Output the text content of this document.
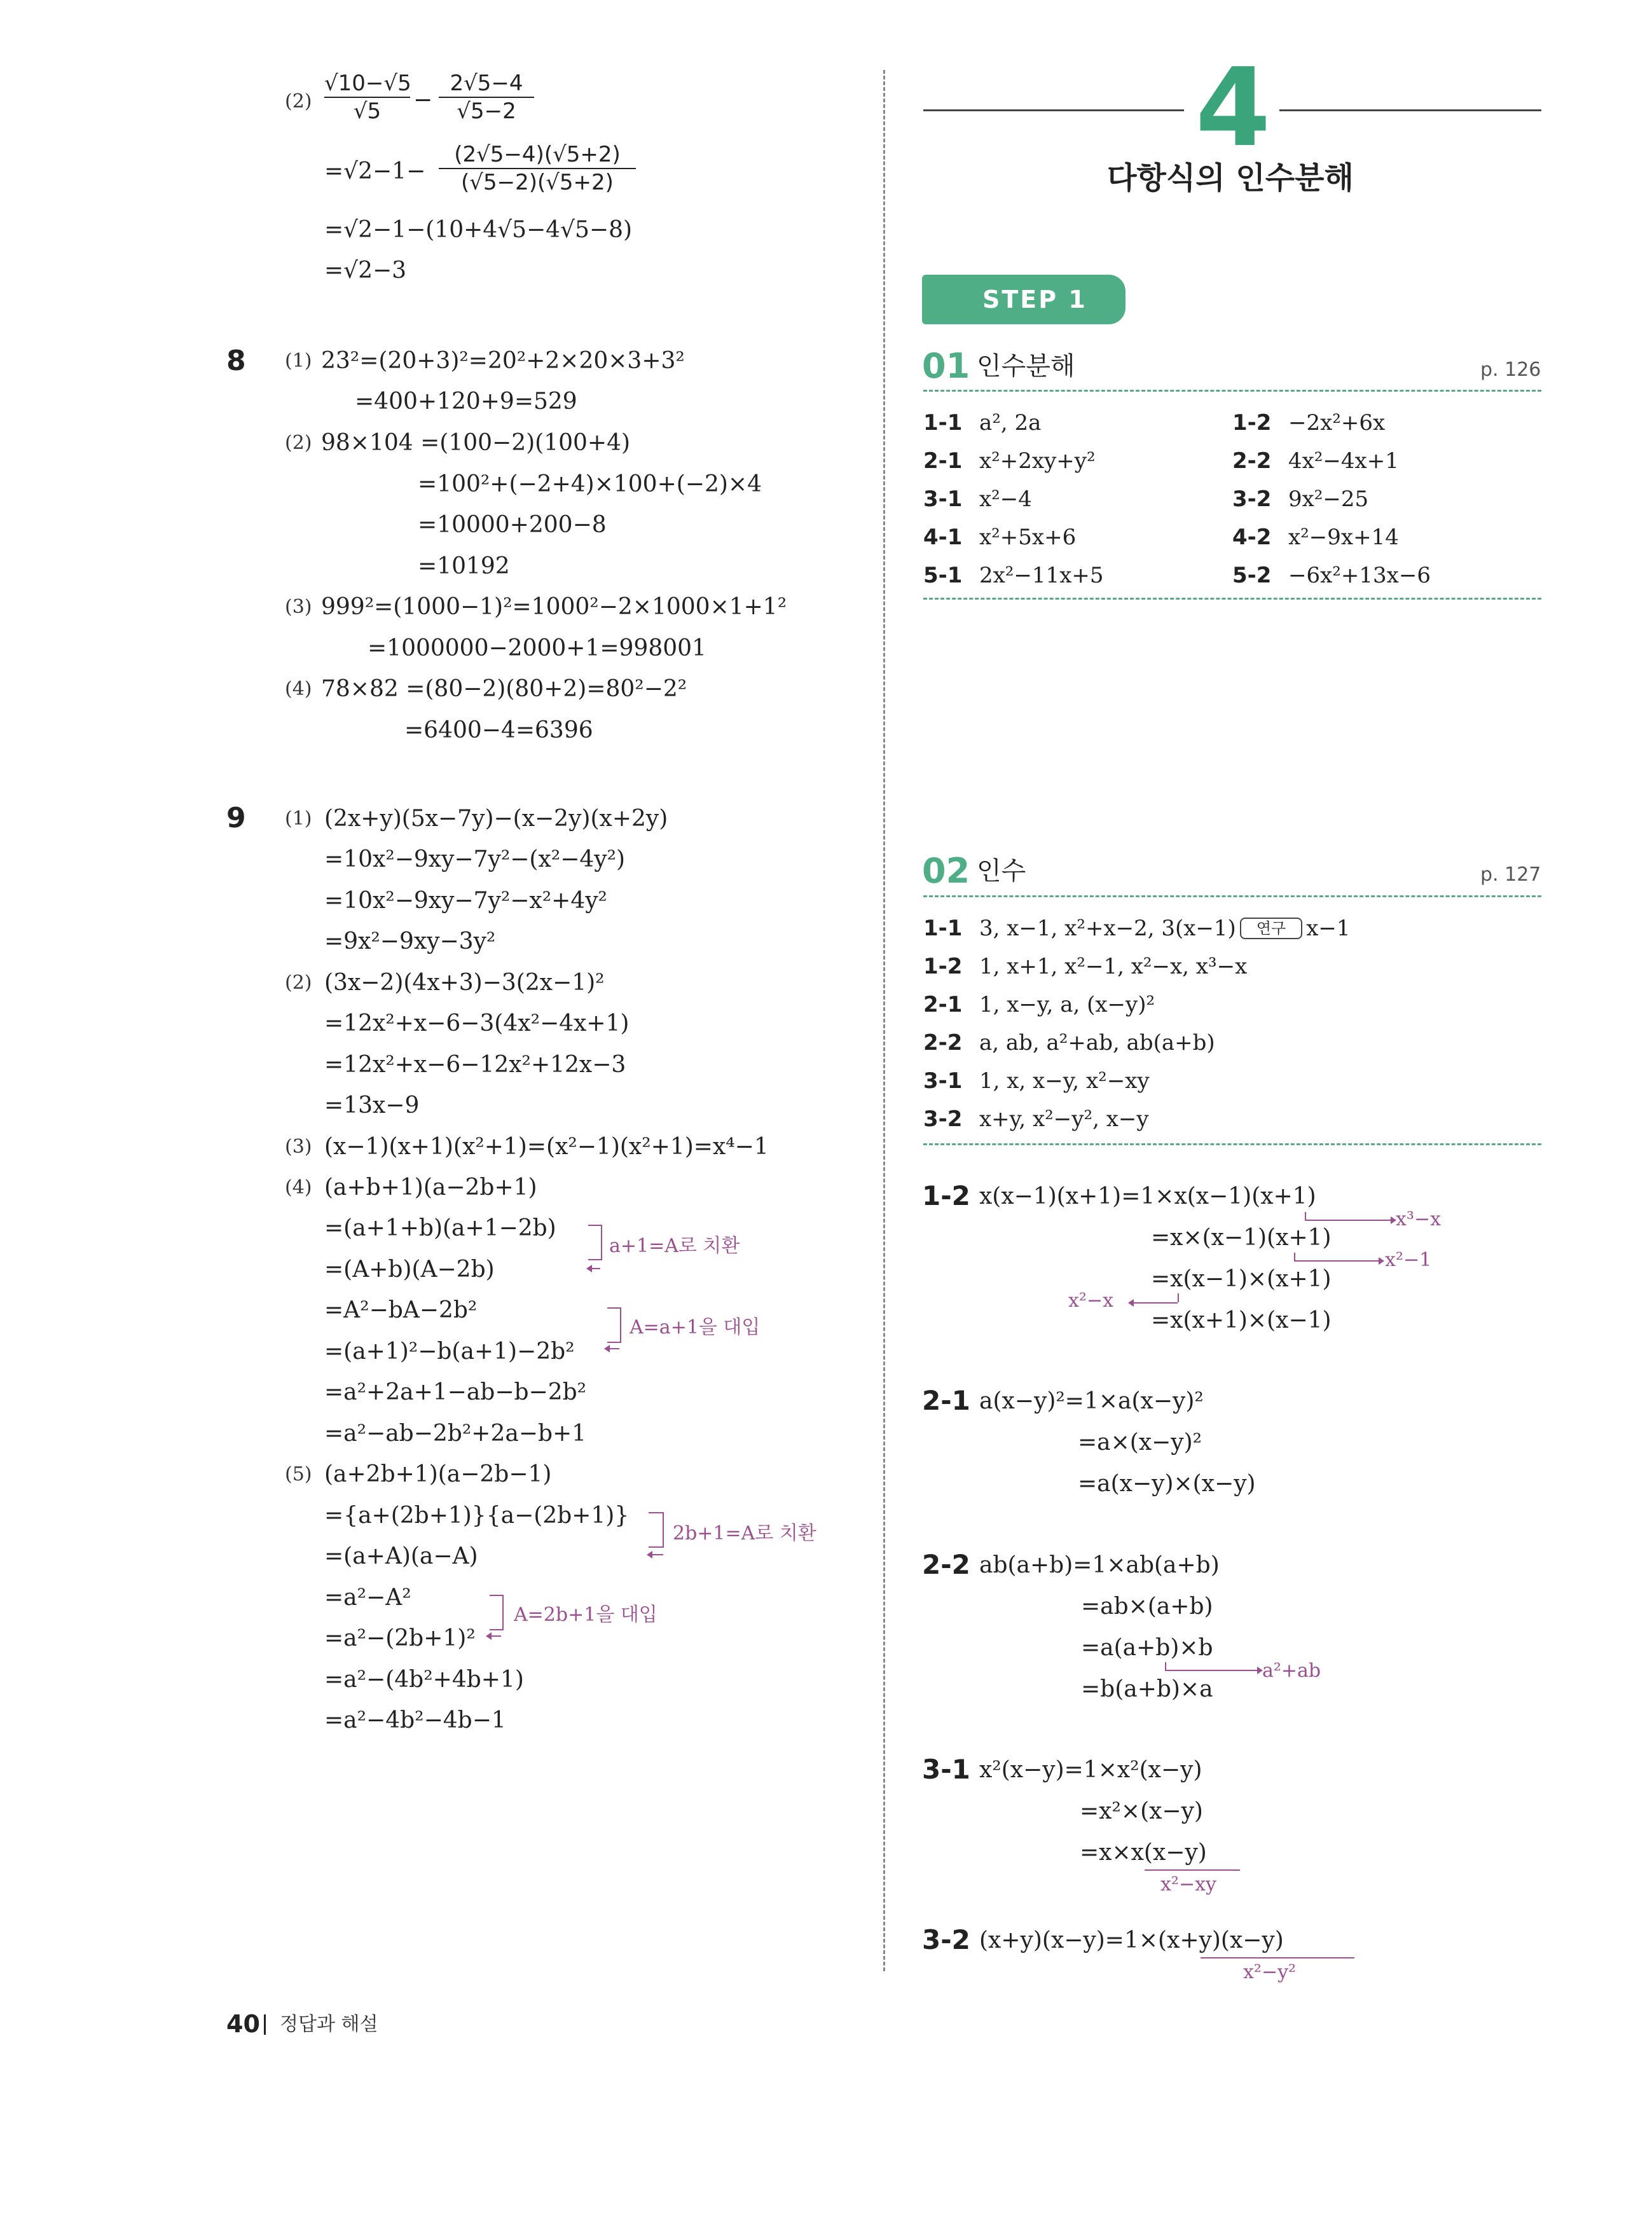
(2)
√10−√5
√5	−
2√5−4
√5−2
=√2−1−
(2√5−4)(√5+2)
(√5−2)(√5+2)
=√2−1−(10+4√5−4√5−8)
=√2−3
8 (1) 23²=(20+3)²=20²+2×20×3+3²
=400+120+9=529
(2) 98×104 =(100−2)(100+4)
=100²+(−2+4)×100+(−2)×4
=10000+200−8
=10192
(3) 999²=(1000−1)²=1000²−2×1000×1+1²
=1000000−2000+1=998001
(4) 78×82 =(80−2)(80+2)=80²−2²
=6400−4=6396
9 (1) (2x+y)(5x−7y)−(x−2y)(x+2y)
=10x²−9xy−7y²−(x²−4y²)
=10x²−9xy−7y²−x²+4y²
=9x²−9xy−3y²
(2) (3x−2)(4x+3)−3(2x−1)²
=12x²+x−6−3(4x²−4x+1)
=12x²+x−6−12x²+12x−3
=13x−9
(3) (x−1)(x+1)(x²+1)=(x²−1)(x²+1)=x⁴−1
(4) (a+b+1)(a−2b+1)
=(a+1+b)(a+1−2b)
=(A+b)(A−2b)
=A²−bA−2b²
=(a+1)²−b(a+1)−2b²
=a²+2a+1−ab−b−2b²
=a²−ab−2b²+2a−b+1
a+1=A로 치환
A=a+1을 대입
(5) (a+2b+1)(a−2b−1)
={a+(2b+1)}{a−(2b+1)}
=(a+A)(a−A)
=a²−A²
=a²−(2b+1)²
=a²−(4b²+4b+1)
=a²−4b²−4b−1
2b+1=A로 치환
A=2b+1을 대입
4
다항식의 인수분해
STEP 1
01 인수분해	p. 126
1-1 a², 2a	1-2 −2x²+6x
2-1 x²+2xy+y²	2-2 4x²−4x+1
3-1 x²−4	3-2 9x²−25
4-1 x²+5x+6	4-2 x²−9x+14
5-1 2x²−11x+5	5-2 −6x²+13x−6
02 인수	p. 127
1-1 3, x−1, x²+x−2, 3(x−1) 연구 x−1
1-2 1, x+1, x²−1, x²−x, x³−x
2-1 1, x−y, a, (x−y)²
2-2 a, ab, a²+ab, ab(a+b)
3-1 1, x, x−y, x²−xy
3-2 x+y, x²−y², x−y
1-2 x(x−1)(x+1)=1×x(x−1)(x+1)
=x×(x−1)(x+1)
=x(x−1)×(x+1)
=x(x+1)×(x−1)
x³−x
x²−1
x²−x
2-1 a(x−y)²=1×a(x−y)²
=a×(x−y)²
=a(x−y)×(x−y)
2-2 ab(a+b)=1×ab(a+b)
=ab×(a+b)
=a(a+b)×b
=b(a+b)×a
a²+ab
3-1 x²(x−y)=1×x²(x−y)
=x²×(x−y)
=x×x(x−y)
x²−xy
3-2 (x+y)(x−y)=1×(x+y)(x−y)
x²−y²
40 정답과 해설
